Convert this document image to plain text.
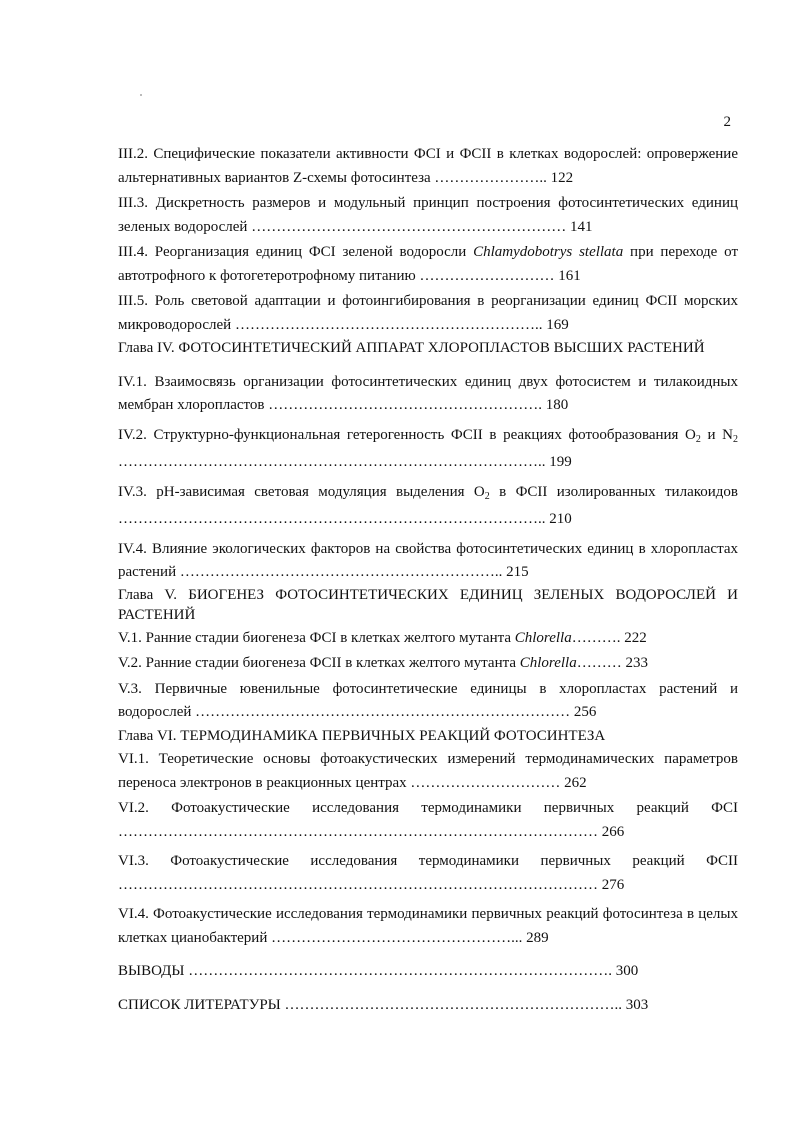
2
III.2. Специфические показатели активности ФСI и ФСII в клетках водорослей: опровержение альтернативных вариантов Z-схемы фотосинтеза ………………….. 122
III.3. Дискретность размеров и модульный принцип построения фотосинтетических единиц зеленых водорослей ……………………………………………………… 141
III.4. Реорганизация единиц ФСI зеленой водоросли Chlamydobotrys stellata при переходе от автотрофного к фотогетеротрофному питанию ……………………… 161
III.5. Роль световой адаптации и фотоингибирования в реорганизации единиц ФСII морских микроводорослей …………………………………………………….. 169
Глава IV. ФОТОСИНТЕТИЧЕСКИЙ АППАРАТ ХЛОРОПЛАСТОВ ВЫСШИХ РАСТЕНИЙ
IV.1. Взаимосвязь организации фотосинтетических единиц двух фотосистем и тилакоидных мембран хлоропластов ………………………………………………. 180
IV.2. Структурно-функциональная гетерогенность ФСII в реакциях фотообразования $O_2$ и $N_2$ ………………………………………………………………………….. 199
IV.3. pH-зависимая световая модуляция выделения $O_2$ в ФСII изолированных тилакоидов ………………………………………………………………………….. 210
IV.4. Влияние экологических факторов на свойства фотосинтетических единиц в хлоропластах растений ……………………………………………………….. 215
Глава V. БИОГЕНЕЗ ФОТОСИНТЕТИЧЕСКИХ ЕДИНИЦ ЗЕЛЕНЫХ ВОДОРОСЛЕЙ И РАСТЕНИЙ
V.1. Ранние стадии биогенеза ФСI в клетках желтого мутанта Chlorella………. 222
V.2. Ранние стадии биогенеза ФСII в клетках желтого мутанта Chlorella……… 233
V.3. Первичные ювенильные фотосинтетические единицы в хлоропластах растений и водорослей ………………………………………………………………… 256
Глава VI. ТЕРМОДИНАМИКА ПЕРВИЧНЫХ РЕАКЦИЙ ФОТОСИНТЕЗА
VI.1. Теоретические основы фотоакустических измерений термодинамических параметров переноса электронов в реакционных центрах ………………………… 262
VI.2. Фотоакустические исследования термодинамики первичных реакций ФСI …………………………………………………………………………………… 266
VI.3. Фотоакустические исследования термодинамики первичных реакций ФСII …………………………………………………………………………………… 276
VI.4. Фотоакустические исследования термодинамики первичных реакций фотосинтеза в целых клетках цианобактерий …………………………………………... 289
ВЫВОДЫ …………………………………………………………………………. 300
СПИСОК ЛИТЕРАТУРЫ ………………………………………………………….. 303
